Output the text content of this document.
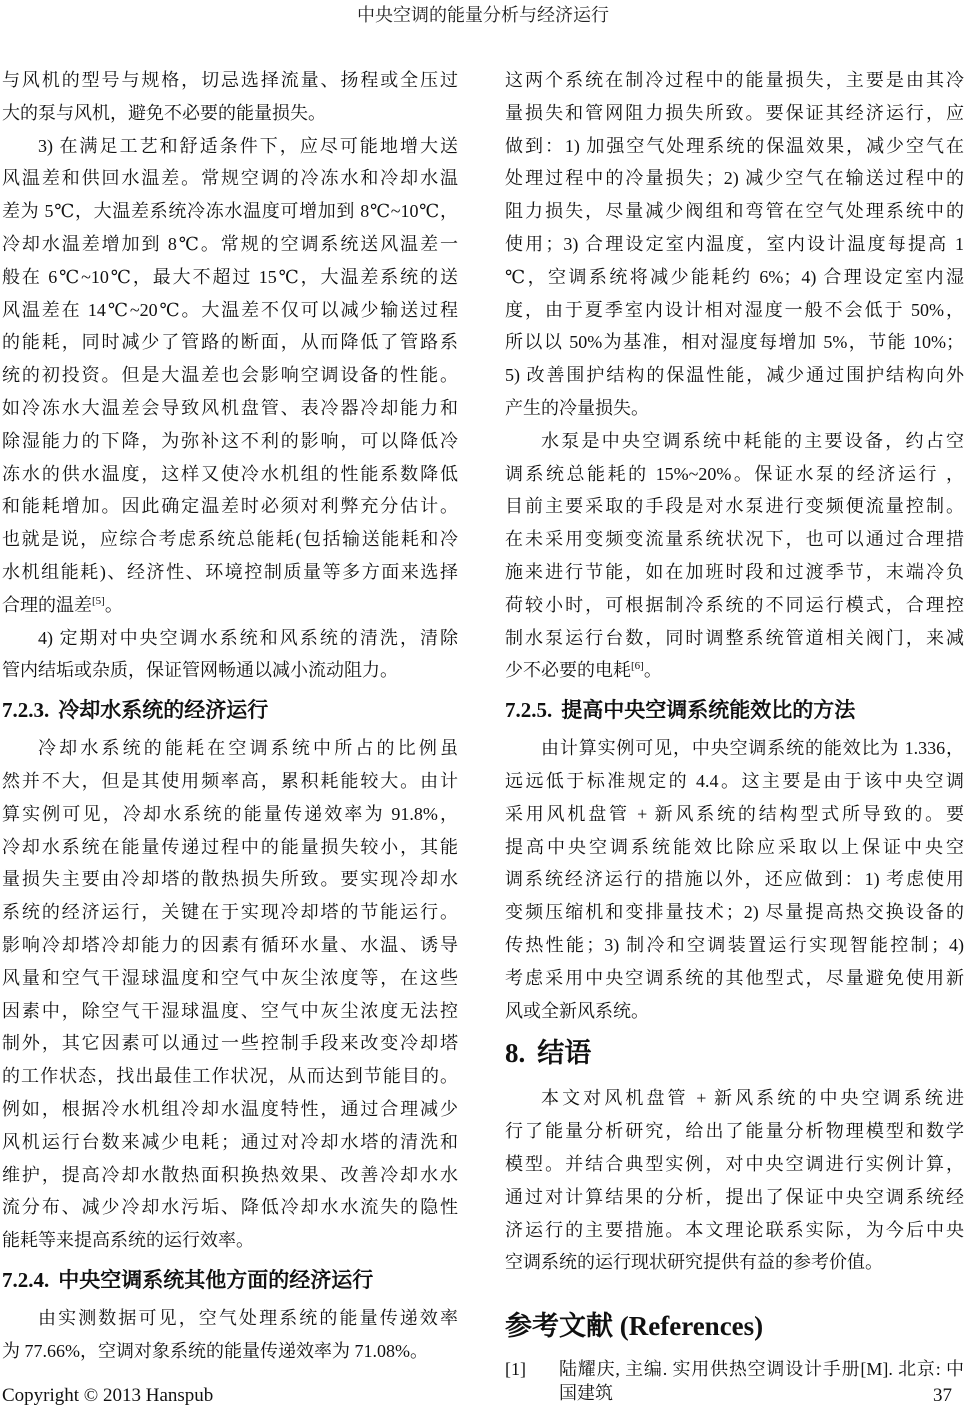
中央空调的能量分析与经济运行
与风机的型号与规格，切忌选择流量、扬程或全压过
大的泵与风机，避免不必要的能量损失。
3) 在满足工艺和舒适条件下，应尽可能地增大送
风温差和供回水温差。常规空调的冷冻水和冷却水温
差为 5℃，大温差系统冷冻水温度可增加到 8℃~10℃，
冷却水温差增加到 8℃。常规的空调系统送风温差一
般在 6℃~10℃，最大不超过 15℃，大温差系统的送
风温差在 14℃~20℃。大温差不仅可以减少输送过程
的能耗，同时减少了管路的断面，从而降低了管路系
统的初投资。但是大温差也会影响空调设备的性能。
如冷冻水大温差会导致风机盘管、表冷器冷却能力和
除湿能力的下降，为弥补这不利的影响，可以降低冷
冻水的供水温度，这样又使冷水机组的性能系数降低
和能耗增加。因此确定温差时必须对利弊充分估计。
也就是说，应综合考虑系统总能耗(包括输送能耗和冷
水机组能耗)、经济性、环境控制质量等多方面来选择
合理的温差[5]。
4) 定期对中央空调水系统和风系统的清洗，清除
管内结垢或杂质，保证管网畅通以减小流动阻力。
7.2.3. 冷却水系统的经济运行
冷却水系统的能耗在空调系统中所占的比例虽
然并不大，但是其使用频率高，累积耗能较大。由计
算实例可见，冷却水系统的能量传递效率为 91.8%，
冷却水系统在能量传递过程中的能量损失较小，其能
量损失主要由冷却塔的散热损失所致。要实现冷却水
系统的经济运行，关键在于实现冷却塔的节能运行。
影响冷却塔冷却能力的因素有循环水量、水温、诱导
风量和空气干湿球温度和空气中灰尘浓度等，在这些
因素中，除空气干湿球温度、空气中灰尘浓度无法控
制外，其它因素可以通过一些控制手段来改变冷却塔
的工作状态，找出最佳工作状况，从而达到节能目的。
例如，根据冷水机组冷却水温度特性，通过合理减少
风机运行台数来减少电耗；通过对冷却水塔的清洗和
维护，提高冷却水散热面积换热效果、改善冷却水水
流分布、减少冷却水污垢、降低冷却水水流失的隐性
能耗等来提高系统的运行效率。
7.2.4. 中央空调系统其他方面的经济运行
由实测数据可见，空气处理系统的能量传递效率
为 77.66%，空调对象系统的能量传递效率为 71.08%。
这两个系统在制冷过程中的能量损失，主要是由其冷
量损失和管网阻力损失所致。要保证其经济运行，应
做到：1) 加强空气处理系统的保温效果，减少空气在
处理过程中的冷量损失；2) 减少空气在输送过程中的
阻力损失，尽量减少阀组和弯管在空气处理系统中的
使用；3) 合理设定室内温度，室内设计温度每提高 1
℃，空调系统将减少能耗约 6%；4) 合理设定室内湿
度，由于夏季室内设计相对湿度一般不会低于 50%，
所以以 50%为基准，相对湿度每增加 5%，节能 10%；
5) 改善围护结构的保温性能，减少通过围护结构向外
产生的冷量损失。
水泵是中央空调系统中耗能的主要设备，约占空
调系统总能耗的 15%~20%。保证水泵的经济运行 ，
目前主要采取的手段是对水泵进行变频便流量控制。
在未采用变频变流量系统状况下，也可以通过合理措
施来进行节能，如在加班时段和过渡季节，末端冷负
荷较小时，可根据制冷系统的不同运行模式，合理控
制水泵运行台数，同时调整系统管道相关阀门，来减
少不必要的电耗[6]。
7.2.5. 提高中央空调系统能效比的方法
由计算实例可见，中央空调系统的能效比为 1.336，
远远低于标准规定的 4.4。这主要是由于该中央空调
采用风机盘管 + 新风系统的结构型式所导致的。要
提高中央空调系统能效比除应采取以上保证中央空
调系统经济运行的措施以外，还应做到：1) 考虑使用
变频压缩机和变排量技术；2) 尽量提高热交换设备的
传热性能；3) 制冷和空调装置运行实现智能控制；4)
考虑采用中央空调系统的其他型式，尽量避免使用新
风或全新风系统。
8. 结语
本文对风机盘管 + 新风系统的中央空调系统进
行了能量分析研究，给出了能量分析物理模型和数学
模型。并结合典型实例，对中央空调进行实例计算，
通过对计算结果的分析，提出了保证中央空调系统经
济运行的主要措施。本文理论联系实际，为今后中央
空调系统的运行现状研究提供有益的参考价值。
参考文献 (References)
[1]	陆耀庆, 主编. 实用供热空调设计手册[M]. 北京: 中国建筑
Copyright © 2013 Hanspub	37
